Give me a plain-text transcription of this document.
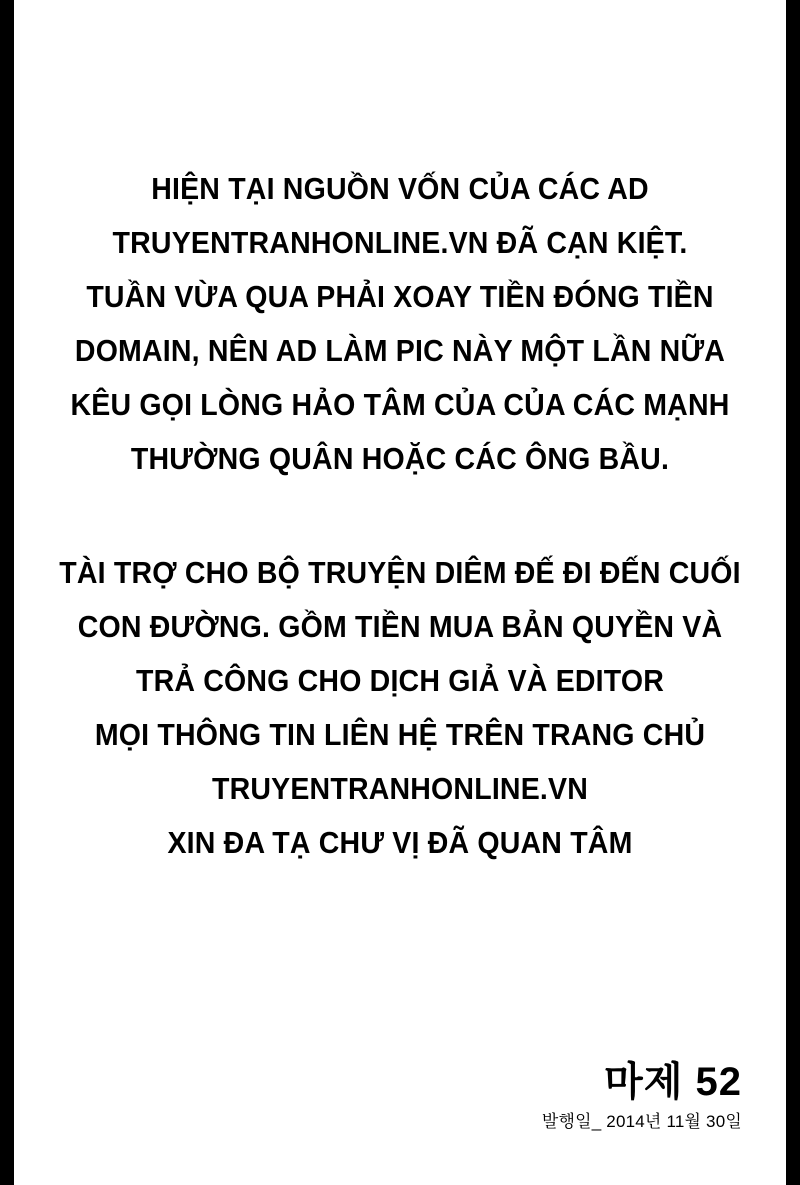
HIỆN TẠI NGUỒN VỐN CỦA CÁC AD
TRUYENTRANHONLINE.VN ĐÃ CẠN KIỆT.
TUẦN VỪA QUA PHẢI XOAY TIỀN ĐÓNG TIỀN
DOMAIN, NÊN AD LÀM PIC NÀY MỘT LẦN NỮA
KÊU GỌI LÒNG HẢO TÂM CỦA CỦA CÁC MẠNH
THƯỜNG QUÂN HOẶC CÁC ÔNG BẦU.
TÀI TRỢ CHO BỘ TRUYỆN DIÊM ĐẾ ĐI ĐẾN CUỐI
CON ĐƯỜNG. GỒM TIỀN MUA BẢN QUYỀN VÀ
TRẢ CÔNG CHO DỊCH GIẢ VÀ EDITOR
MỌI THÔNG TIN LIÊN HỆ TRÊN TRANG CHỦ
TRUYENTRANHONLINE.VN
XIN ĐA TẠ CHƯ VỊ ĐÃ QUAN TÂM
마제 52
발행일_ 2014년 11월 30일
